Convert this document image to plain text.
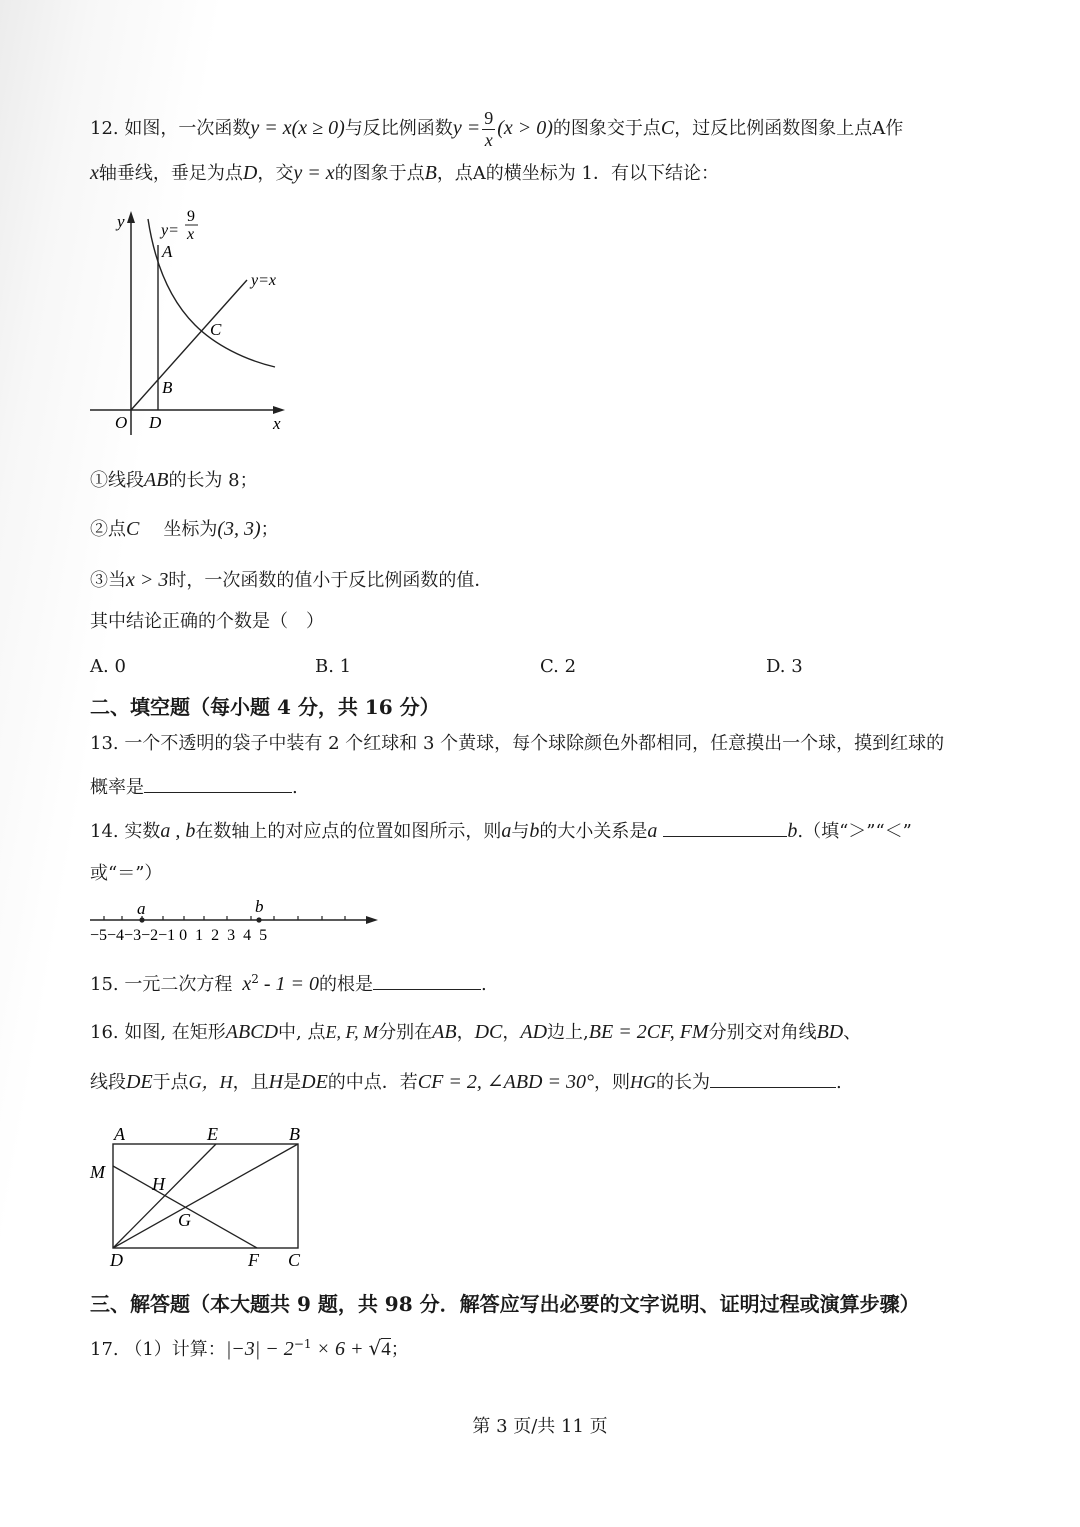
12. 如图，一次函数y = x(x ≥ 0)与反比例函数$y = \frac{9}{x} (x > 0)$的图象交于点C，过反比例函数图象上点A作
x轴垂线，垂足为点D，交y = x的图象于点B，点A的横坐标为 1．有以下结论：
y
x
O
y=
9
x
y=x
A
C
B
D
①线段AB的长为 8；
②点C 坐标为(3, 3)；
③当x > 3时，一次函数的值小于反比例函数的值．
其中结论正确的个数是（　）
A. 0	B. 1	C. 2	D. 3
二、填空题（每小题 4 分，共 16 分）
13. 一个不透明的袋子中装有 2 个红球和 3 个黄球，每个球除颜色外都相同，任意摸出一个球，摸到红球的
概率是	.
14. 实数a , b在数轴上的对应点的位置如图所示，则a与b的大小关系是a	b.（填“＞”“＜”
或“＝”）
a	b
−5−4−3−2−1 0  1  2  3  4  5
15. 一元二次方程 $x^2 - 1 = 0$的根是	.
16. 如图, 在矩形ABCD中, 点E, F, M分别在AB，DC，AD边上,BE = 2CF, FM分别交对角线BD、
线段DE于点G，H，且H是DE的中点．若CF = 2, ∠ABD = 30°，则HG的长为	.
A	E	B
M
H
G
D	F C
三、解答题（本大题共 9 题，共 98 分．解答应写出必要的文字说明、证明过程或演算步骤）
17. （1）计算：$|-3| - 2^{-1} \times 6 + √4$；
第 3 页/共 11 页
